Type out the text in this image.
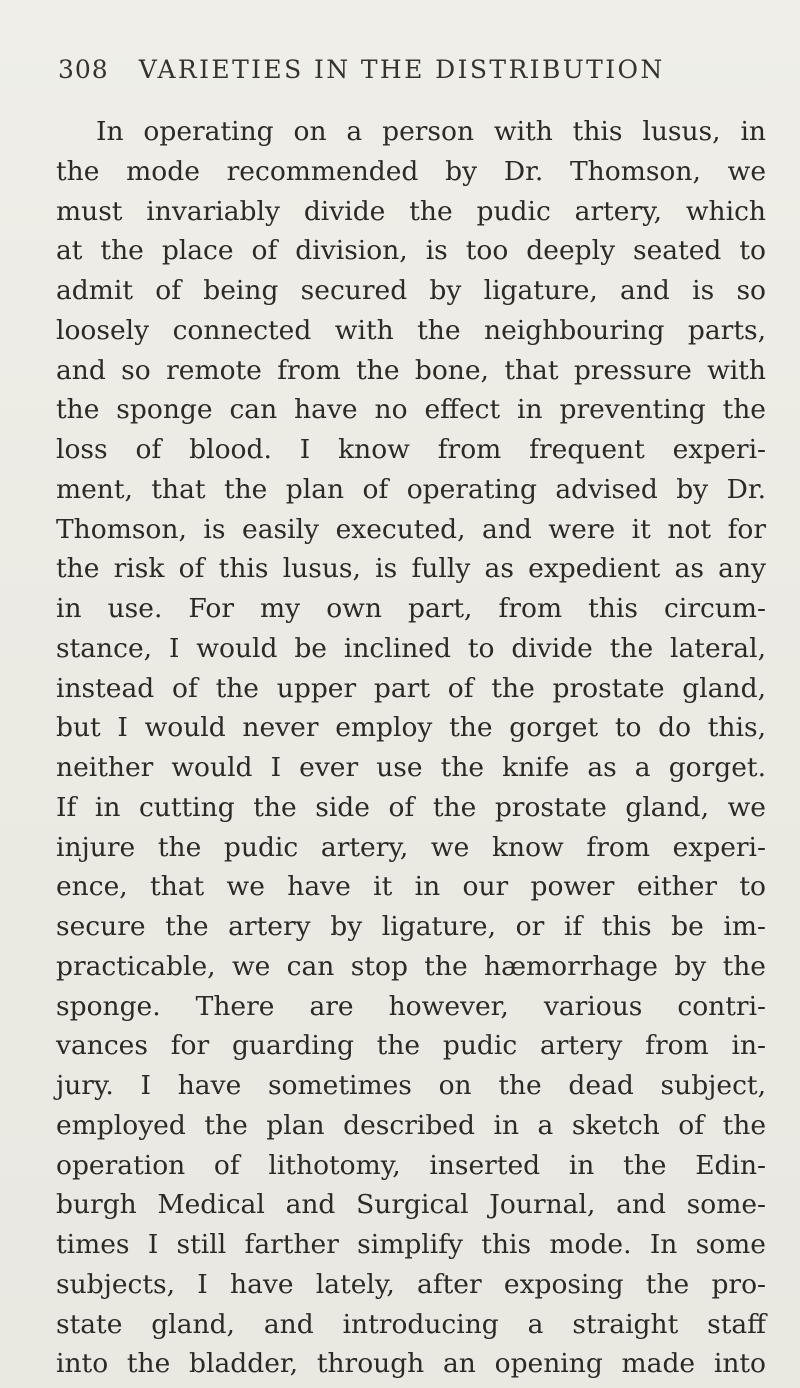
308 VARIETIES IN THE DISTRIBUTION
In operating on a person with this lusus, in
the mode recommended by Dr. Thomson, we
must invariably divide the pudic artery, which
at the place of division, is too deeply seated to
admit of being secured by ligature, and is so
loosely connected with the neighbouring parts,
and so remote from the bone, that pressure with
the sponge can have no effect in preventing the
loss of blood. I know from frequent experi-
ment, that the plan of operating advised by Dr.
Thomson, is easily executed, and were it not for
the risk of this lusus, is fully as expedient as any
in use. For my own part, from this circum-
stance, I would be inclined to divide the lateral,
instead of the upper part of the prostate gland,
but I would never employ the gorget to do this,
neither would I ever use the knife as a gorget.
If in cutting the side of the prostate gland, we
injure the pudic artery, we know from experi-
ence, that we have it in our power either to
secure the artery by ligature, or if this be im-
practicable, we can stop the hæmorrhage by the
sponge. There are however, various contri-
vances for guarding the pudic artery from in-
jury. I have sometimes on the dead subject,
employed the plan described in a sketch of the
operation of lithotomy, inserted in the Edin-
burgh Medical and Surgical Journal, and some-
times I still farther simplify this mode. In some
subjects, I have lately, after exposing the pro-
state gland, and introducing a straight staff
into the bladder, through an opening made into
